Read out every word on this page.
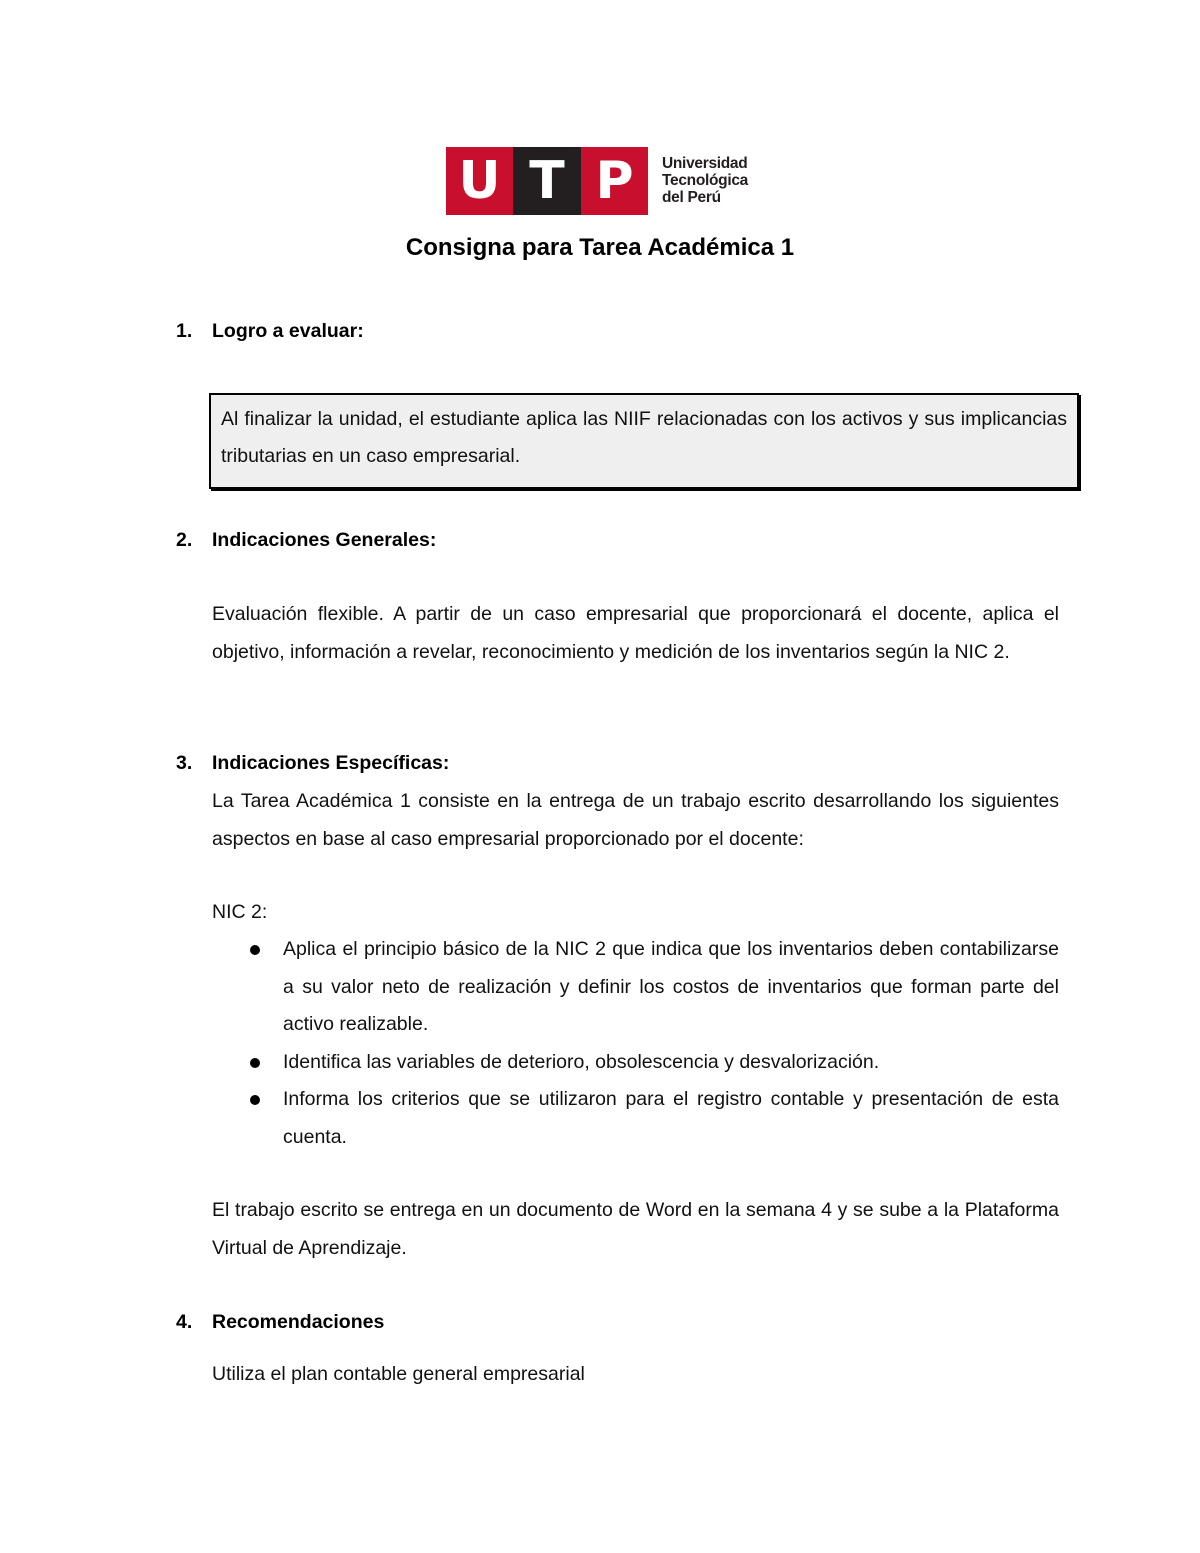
U T P	Universidad
Tecnológica
del Perú
Consigna para Tarea Académica 1
1. Logro a evaluar:
Al finalizar la unidad, el estudiante aplica las NIIF relacionadas con los activos y sus implicancias tributarias en un caso empresarial.
2. Indicaciones Generales:
Evaluación flexible. A partir de un caso empresarial que proporcionará el docente, aplica el objetivo, información a revelar, reconocimiento y medición de los inventarios según la NIC 2.
3. Indicaciones Específicas:
La Tarea Académica 1 consiste en la entrega de un trabajo escrito desarrollando los siguientes aspectos en base al caso empresarial proporcionado por el docente:
NIC 2:
Aplica el principio básico de la NIC 2 que indica que los inventarios deben contabilizarse a su valor neto de realización y definir los costos de inventarios que forman parte del activo realizable.
Identifica las variables de deterioro, obsolescencia y desvalorización.
Informa los criterios que se utilizaron para el registro contable y presentación de esta cuenta.
El trabajo escrito se entrega en un documento de Word en la semana 4 y se sube a la Plataforma Virtual de Aprendizaje.
4. Recomendaciones
Utiliza el plan contable general empresarial
